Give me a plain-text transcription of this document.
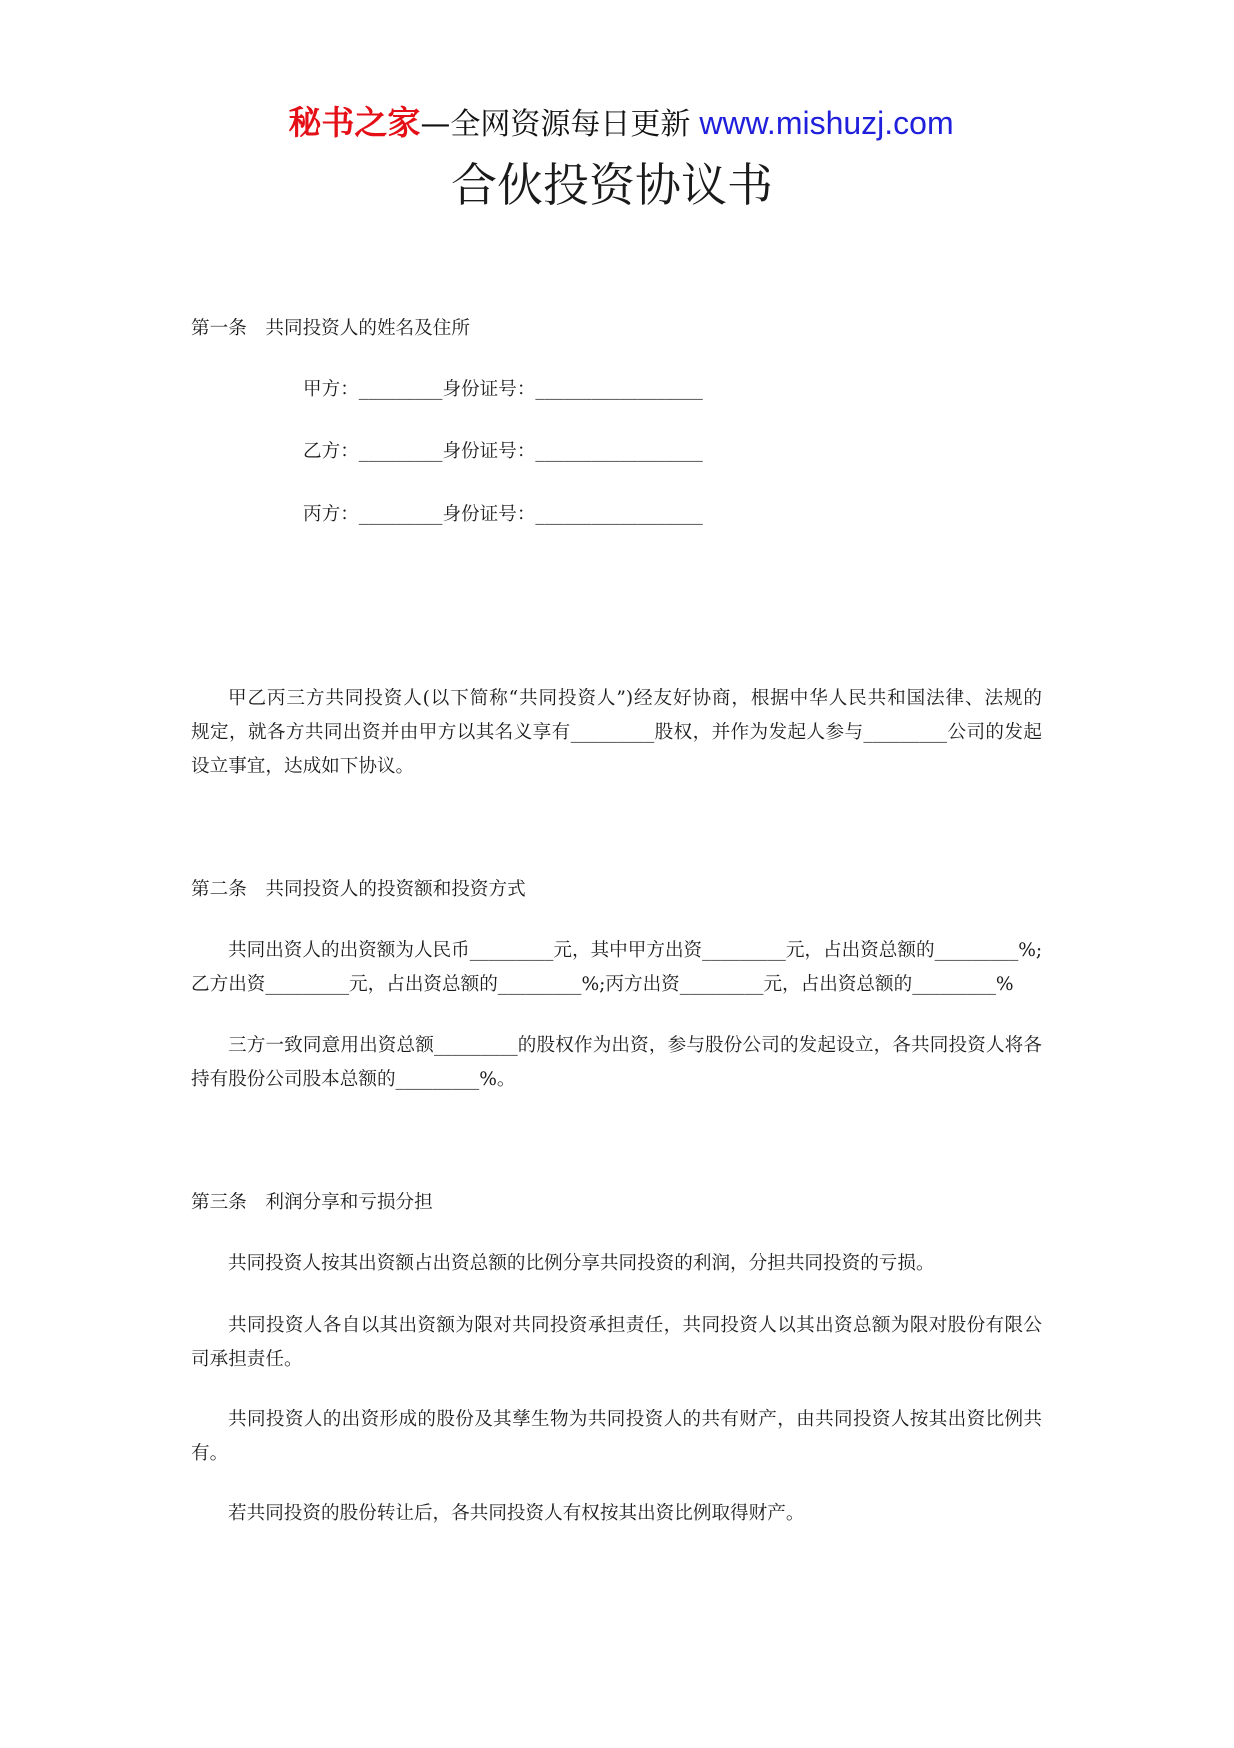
秘书之家—全网资源每日更新 www.mishuzj.com
合伙投资协议书
第一条　共同投资人的姓名及住所
甲方：_________身份证号：__________________
乙方：_________身份证号：__________________
丙方：_________身份证号：__________________
甲乙丙三方共同投资人(以下简称“共同投资人”)经友好协商，根据中华人民共和国法律、法规的
规定，就各方共同出资并由甲方以其名义享有_________股权，并作为发起人参与_________公司的发起
设立事宜，达成如下协议。
第二条　共同投资人的投资额和投资方式
共同出资人的出资额为人民币_________元，其中甲方出资_________元，占出资总额的_________%;
乙方出资_________元，占出资总额的_________%;丙方出资_________元，占出资总额的_________%
三方一致同意用出资总额_________的股权作为出资，参与股份公司的发起设立，各共同投资人将各
持有股份公司股本总额的_________%。
第三条　利润分享和亏损分担
共同投资人按其出资额占出资总额的比例分享共同投资的利润，分担共同投资的亏损。
共同投资人各自以其出资额为限对共同投资承担责任，共同投资人以其出资总额为限对股份有限公
司承担责任。
共同投资人的出资形成的股份及其孳生物为共同投资人的共有财产，由共同投资人按其出资比例共
有。
若共同投资的股份转让后，各共同投资人有权按其出资比例取得财产。
